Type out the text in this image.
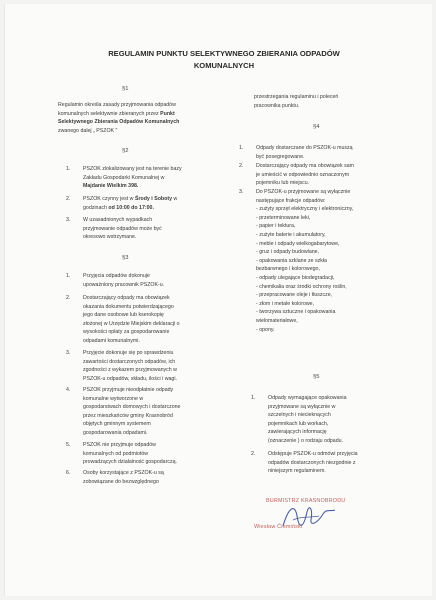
REGULAMIN PUNKTU SELEKTYWNEGO ZBIERANIA ODPADÓW
KOMUNALNYCH
§1
Regulamin określa zasady przyjmowania odpadów
komunalnych selektywnie zbieranych przez Punkt
Selektywnego Zbierania Odpadów Komunalnych
zwanego dalej „ PSZOK "
§2
1. PSZOK zlokalizowany jest na terenie bazy
Zakładu Gospodarki Komunalnej w
Majdanie Wielkim 398.
2. PSZOK czynny jest w Środy i Soboty w
godzinach od 10:00 do 17:00.
3. W uzasadnionych wypadkach
przyjmowanie odpadów może być
okresowo wstrzymane.
§3
1. Przyjęcia odpadów dokonuje
upoważniony pracownik PSZOK-u.
2. Dostarczający odpady ma obowiązek
okazania dokumentu potwierdzającego
jego dane osobowe lub kserokopię
złożonej w Urzędzie Miejskim deklaracji o
wysokości opłaty za gospodarowanie
odpadami komunalnymi.
3. Przyjęcie dokonuje się po sprawdzeniu
zawartości dostarczonych odpadów, ich
zgodności z wykazem przyjmowanych w
PSZOK-u odpadów, składu, ilości i wagi.
4. PSZOK przyjmuje nieodpłatnie odpady
komunalne wytworzone w
gospodarstwach domowych i dostarczone
przez mieszkańców gminy Krasnobród
objętych gminnym systemem
gospodarowania odpadami.
5. PSZOK nie przyjmuje odpadów
komunalnych od podmiotów
prowadzących działalność gospodarczą.
6. Osoby korzystające z PSZOK-u są
zobowiązane do bezwzględnego
przestrzegania regulaminu i poleceń
pracownika punktu.
§4
1. Odpady dostarczane do PSZOK-u muszą
być posegregowane.
2. Dostarczający odpady ma obowiązek sam
je umieścić w odpowiednio oznaczonym
pojemniku lub miejscu.
3. Do PSZOK-u przyjmowane są wyłącznie
następujące frakcje odpadów:
- zużyty sprzęt elektryczny i elektroniczny,
- przeterminowane leki,
- papier i tektura,
- zużyte baterie i akumulatory,
- meble i odpady wielkogabarytowe,
- gruz i odpady budowlane,
- opakowania szklane ze szkła
bezbarwnego i kolorowego,
- odpady ulegające biodegradacji,
- chemikalia oraz środki ochrony roślin,
- przepracowane oleje i tłuszcze,
- złom i metale kolorowe,
- tworzywa sztuczne i opakowania
wielomateriałowe,
- opony.
§5
1. Odpady wymagające opakowania
przyjmowane są wyłącznie w
szczelnych i niecieknących
pojemnikach lub workach,
zawierających informację
(oznaczenie ) o rodzaju odpadu.
2. Odstępuje PSZOK-u odmówi przyjęcia
odpadów dostarczonych niezgodnie z
niniejszym regulaminem.
BURMISTRZ KRASNOBRODU
Wiesław Ćiemiński
